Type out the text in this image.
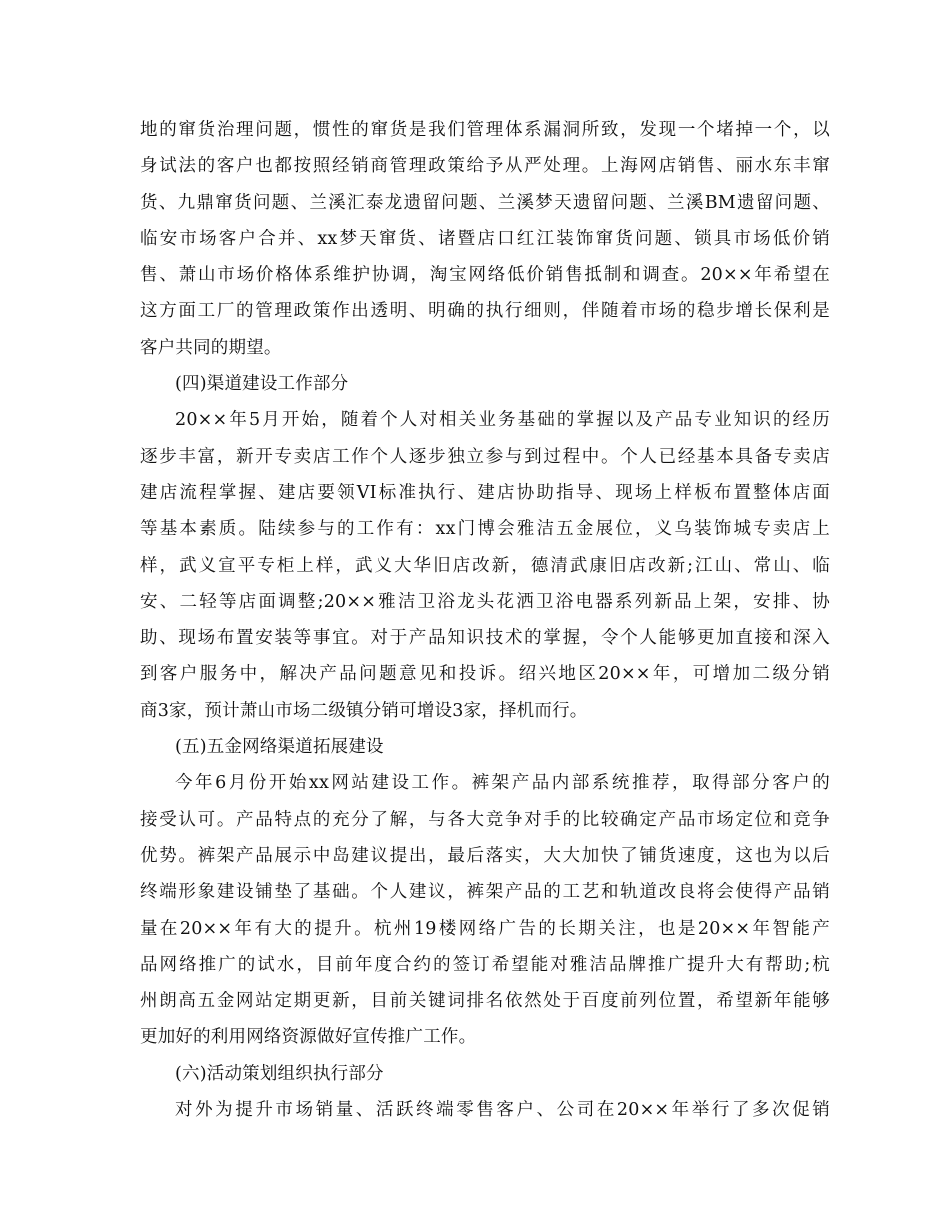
地的窜货治理问题，惯性的窜货是我们管理体系漏洞所致，发现一个堵掉一个，以
身试法的客户也都按照经销商管理政策给予从严处理。上海网店销售、丽水东丰窜
货、九鼎窜货问题、兰溪汇泰龙遗留问题、兰溪梦天遗留问题、兰溪BM遗留问题、
临安市场客户合并、xx梦天窜货、诸暨店口红江装饰窜货问题、锁具市场低价销
售、萧山市场价格体系维护协调，淘宝网络低价销售抵制和调查。20××年希望在
这方面工厂的管理政策作出透明、明确的执行细则，伴随着市场的稳步增长保利是
客户共同的期望。
(四)渠道建设工作部分
20××年5月开始，随着个人对相关业务基础的掌握以及产品专业知识的经历
逐步丰富，新开专卖店工作个人逐步独立参与到过程中。个人已经基本具备专卖店
建店流程掌握、建店要领VI标准执行、建店协助指导、现场上样板布置整体店面
等基本素质。陆续参与的工作有：xx门博会雅洁五金展位，义乌装饰城专卖店上
样，武义宣平专柜上样，武义大华旧店改新，德清武康旧店改新;江山、常山、临
安、二轻等店面调整;20××雅洁卫浴龙头花洒卫浴电器系列新品上架，安排、协
助、现场布置安装等事宜。对于产品知识技术的掌握，令个人能够更加直接和深入
到客户服务中，解决产品问题意见和投诉。绍兴地区20××年，可增加二级分销
商3家，预计萧山市场二级镇分销可增设3家，择机而行。
(五)五金网络渠道拓展建设
今年6月份开始xx网站建设工作。裤架产品内部系统推荐，取得部分客户的
接受认可。产品特点的充分了解，与各大竞争对手的比较确定产品市场定位和竞争
优势。裤架产品展示中岛建议提出，最后落实，大大加快了铺货速度，这也为以后
终端形象建设铺垫了基础。个人建议，裤架产品的工艺和轨道改良将会使得产品销
量在20××年有大的提升。杭州19楼网络广告的长期关注，也是20××年智能产
品网络推广的试水，目前年度合约的签订希望能对雅洁品牌推广提升大有帮助;杭
州朗高五金网站定期更新，目前关键词排名依然处于百度前列位置，希望新年能够
更加好的利用网络资源做好宣传推广工作。
(六)活动策划组织执行部分
对外为提升市场销量、活跃终端零售客户、公司在20××年举行了多次促销
